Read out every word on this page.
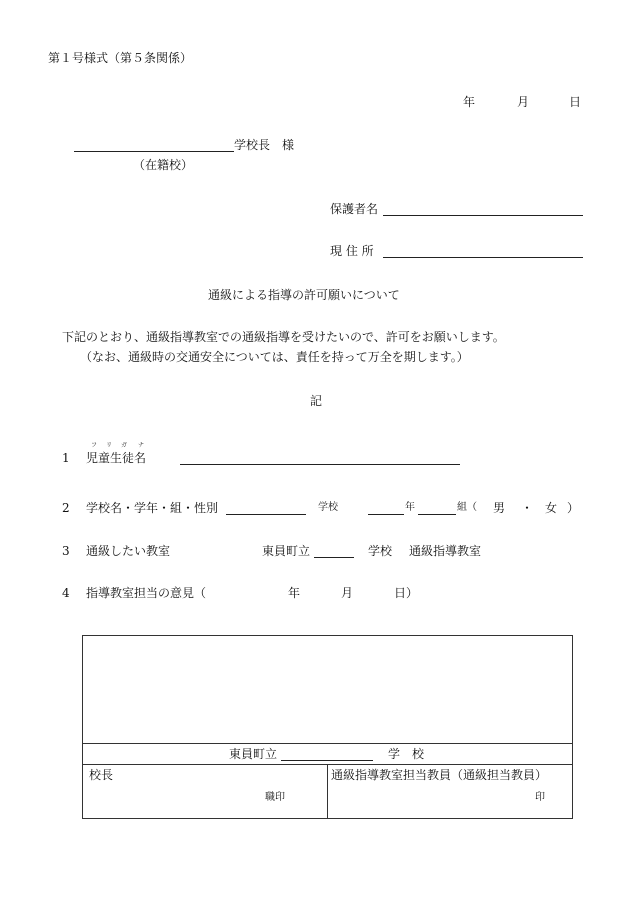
第１号様式（第５条関係）
年	月	日
学校長　様
（在籍校）
保護者名
現 住 所
通級による指導の許可願いについて
下記のとおり、通級指導教室での通級指導を受けたいので、許可をお願いします。
（なお、通級時の交通安全については、責任を持って万全を期します。）
記
1
フ リ ガ ナ
児童生徒名
2 学校名・学年・組・性別	学校	年	組（ 男 ・ 女 ）
3 通級したい教室	東員町立	学校 通級指導教室
4 指導教室担当の意見（	年	月	日）
東員町立	学　校
校長
職印
通級指導教室担当教員（通級担当教員）
印
